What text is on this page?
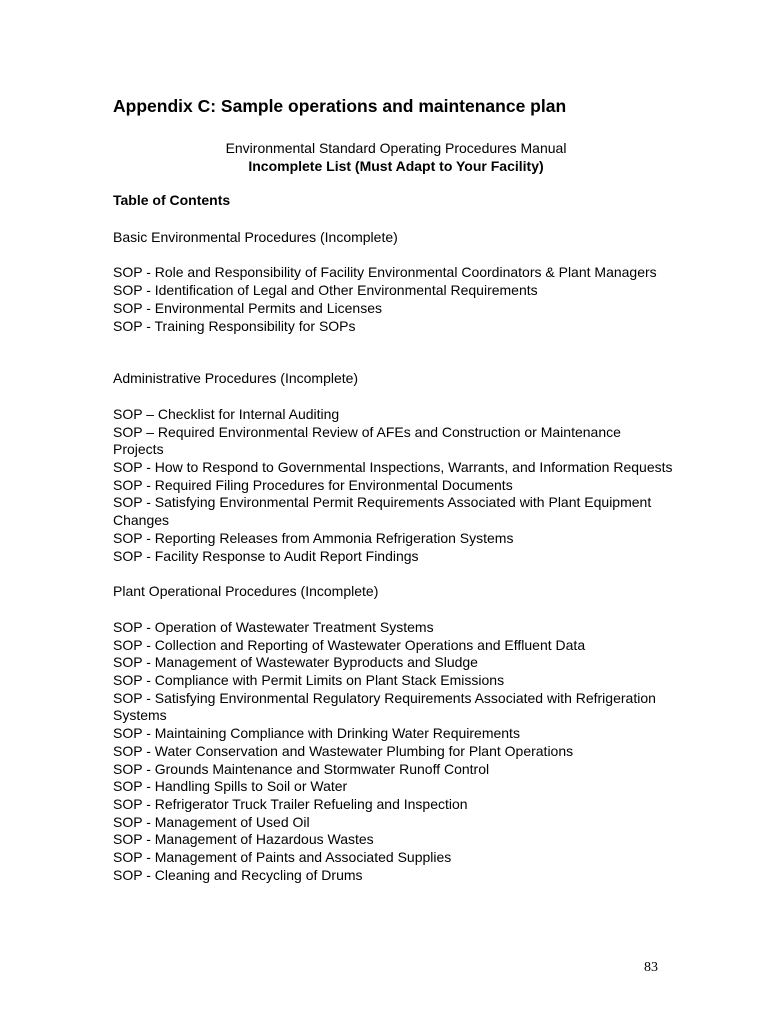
Appendix C: Sample operations and maintenance plan
Environmental Standard Operating Procedures Manual
Incomplete List (Must Adapt to Your Facility)

Table of Contents

Basic Environmental Procedures (Incomplete)

SOP - Role and Responsibility of Facility Environmental Coordinators & Plant Managers
SOP - Identification of Legal and Other Environmental Requirements
SOP - Environmental Permits and Licenses
SOP - Training Responsibility for SOPs

Administrative Procedures (Incomplete)

SOP – Checklist for Internal Auditing
SOP – Required Environmental Review of AFEs and Construction or Maintenance Projects
SOP - How to Respond to Governmental Inspections, Warrants, and Information Requests
SOP - Required Filing Procedures for Environmental Documents
SOP - Satisfying Environmental Permit Requirements Associated with Plant Equipment Changes
SOP - Reporting Releases from Ammonia Refrigeration Systems
SOP - Facility Response to Audit Report Findings

Plant Operational Procedures (Incomplete)

SOP - Operation of Wastewater Treatment Systems
SOP - Collection and Reporting of Wastewater Operations and Effluent Data
SOP - Management of Wastewater Byproducts and Sludge
SOP - Compliance with Permit Limits on Plant Stack Emissions
SOP - Satisfying Environmental Regulatory Requirements Associated with Refrigeration Systems
SOP - Maintaining Compliance with Drinking Water Requirements
SOP - Water Conservation and Wastewater Plumbing for Plant Operations
SOP - Grounds Maintenance and Stormwater Runoff Control
SOP - Handling Spills to Soil or Water
SOP - Refrigerator Truck Trailer Refueling and Inspection
SOP - Management of Used Oil
SOP - Management of Hazardous Wastes
SOP - Management of Paints and Associated Supplies
SOP - Cleaning and Recycling of Drums
83
